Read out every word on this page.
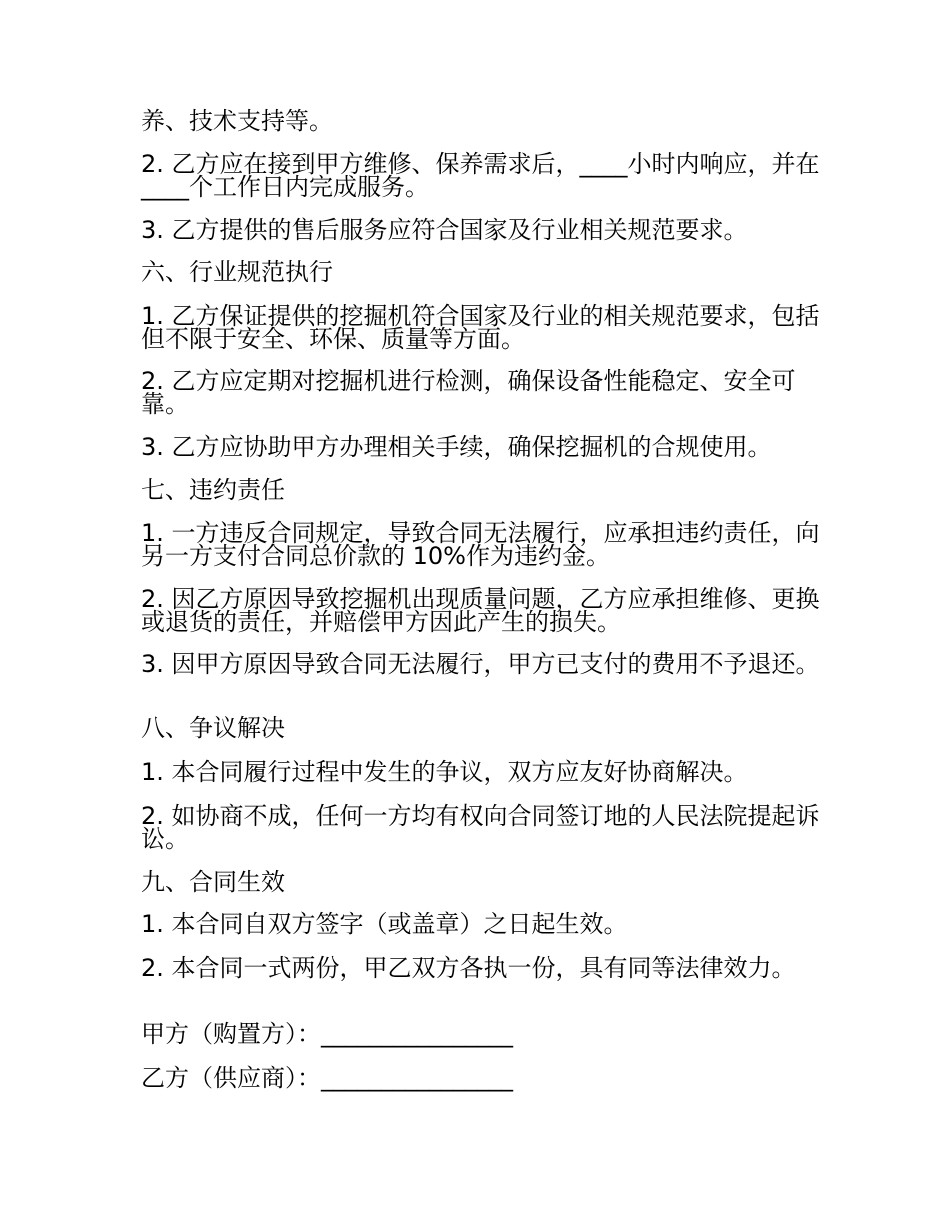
养、技术支持等。
2. 乙方应在接到甲方维修、保养需求后，____小时内响应，并在____个工作日内完成服务。
3. 乙方提供的售后服务应符合国家及行业相关规范要求。
六、行业规范执行
1. 乙方保证提供的挖掘机符合国家及行业的相关规范要求，包括但不限于安全、环保、质量等方面。
2. 乙方应定期对挖掘机进行检测，确保设备性能稳定、安全可靠。
3. 乙方应协助甲方办理相关手续，确保挖掘机的合规使用。
七、违约责任
1. 一方违反合同规定，导致合同无法履行，应承担违约责任，向另一方支付合同总价款的 10%作为违约金。
2. 因乙方原因导致挖掘机出现质量问题，乙方应承担维修、更换或退货的责任，并赔偿甲方因此产生的损失。
3. 因甲方原因导致合同无法履行，甲方已支付的费用不予退还。
八、争议解决
1. 本合同履行过程中发生的争议，双方应友好协商解决。
2. 如协商不成，任何一方均有权向合同签订地的人民法院提起诉讼。
九、合同生效
1. 本合同自双方签字（或盖章）之日起生效。
2. 本合同一式两份，甲乙双方各执一份，具有同等法律效力。
甲方（购置方）：________________
乙方（供应商）：________________
